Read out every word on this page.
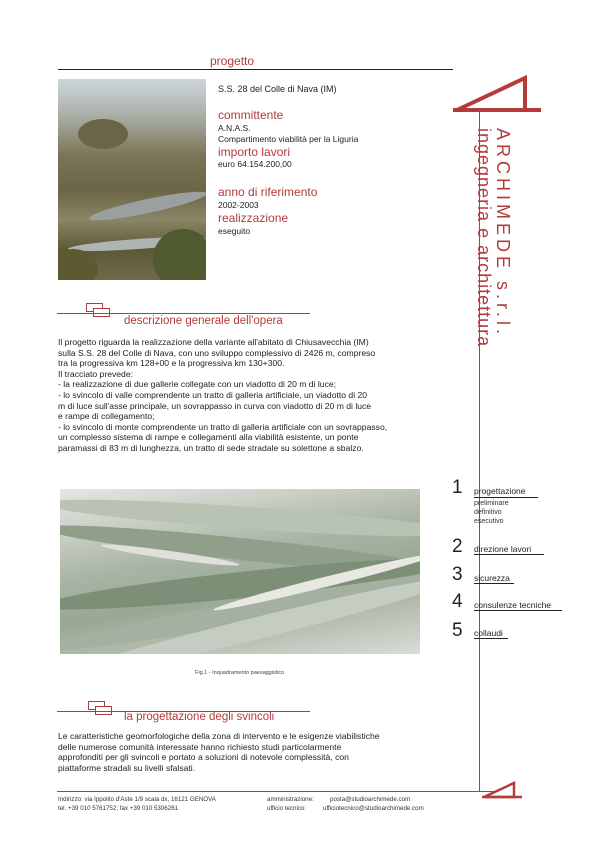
progetto
S.S. 28 del Colle di Nava (IM)
committente
A.N.A.S.
Compartimento viabilità per la Liguria
importo lavori
euro 64.154.200,00
anno di riferimento
2002-2003
realizzazione
eseguito	ARCHIMEDE s.r.l.
ingegneria e architettura
descrizione generale dell'opera
Il progetto riguarda la realizzazione della variante all'abitato di Chiusavecchia (IM)
sulla S.S. 28 del Colle di Nava, con uno sviluppo complessivo di 2426 m, compreso
tra la progressiva km 128+00 e la progressiva km 130+300.
Il tracciato prevede:
- la realizzazione di due gallerie collegate con un viadotto di 20 m di luce;
- lo svincolo di valle comprendente un tratto di galleria artificiale, un viadotto di 20
m di luce sull'asse principale, un sovrappasso in curva con viadotto di 20 m di luce
e rampe di collegamento;
- lo svincolo di monte comprendente un tratto di galleria artificiale con un sovrappasso,
un complesso sistema di rampe e collegamenti alla viabilità esistente, un ponte
paramassi di 83 m di lunghezza, un tratto di sede stradale su solettone a sbalzo.
Fig.1 - Inquadramento paesaggistico
1 progettazione
preliminare
definitivo
esecutivo
2 direzione lavori
3 sicurezza
4 consulenze tecniche
5 collaudi
la progettazione degli svincoli
Le caratteristiche geomorfologiche della zona di intervento e le esigenze viabilistiche
delle numerose comunità interessate hanno richiesto studi particolarmente
approfonditi per gli svincoli e portato a soluzioni di notevole complessità, con
piattaforme stradali su livelli sfalsati.
Indirizzo: via Ippolito d'Aste 1/9 scala dx, 16121 GENOVA
tel. +39 010 5761752; fax +39 010 5306261
amministrazione:	posta@studioarchimede.com
ufficio tecnico:	ufficiotecnico@studioarchimede.com
